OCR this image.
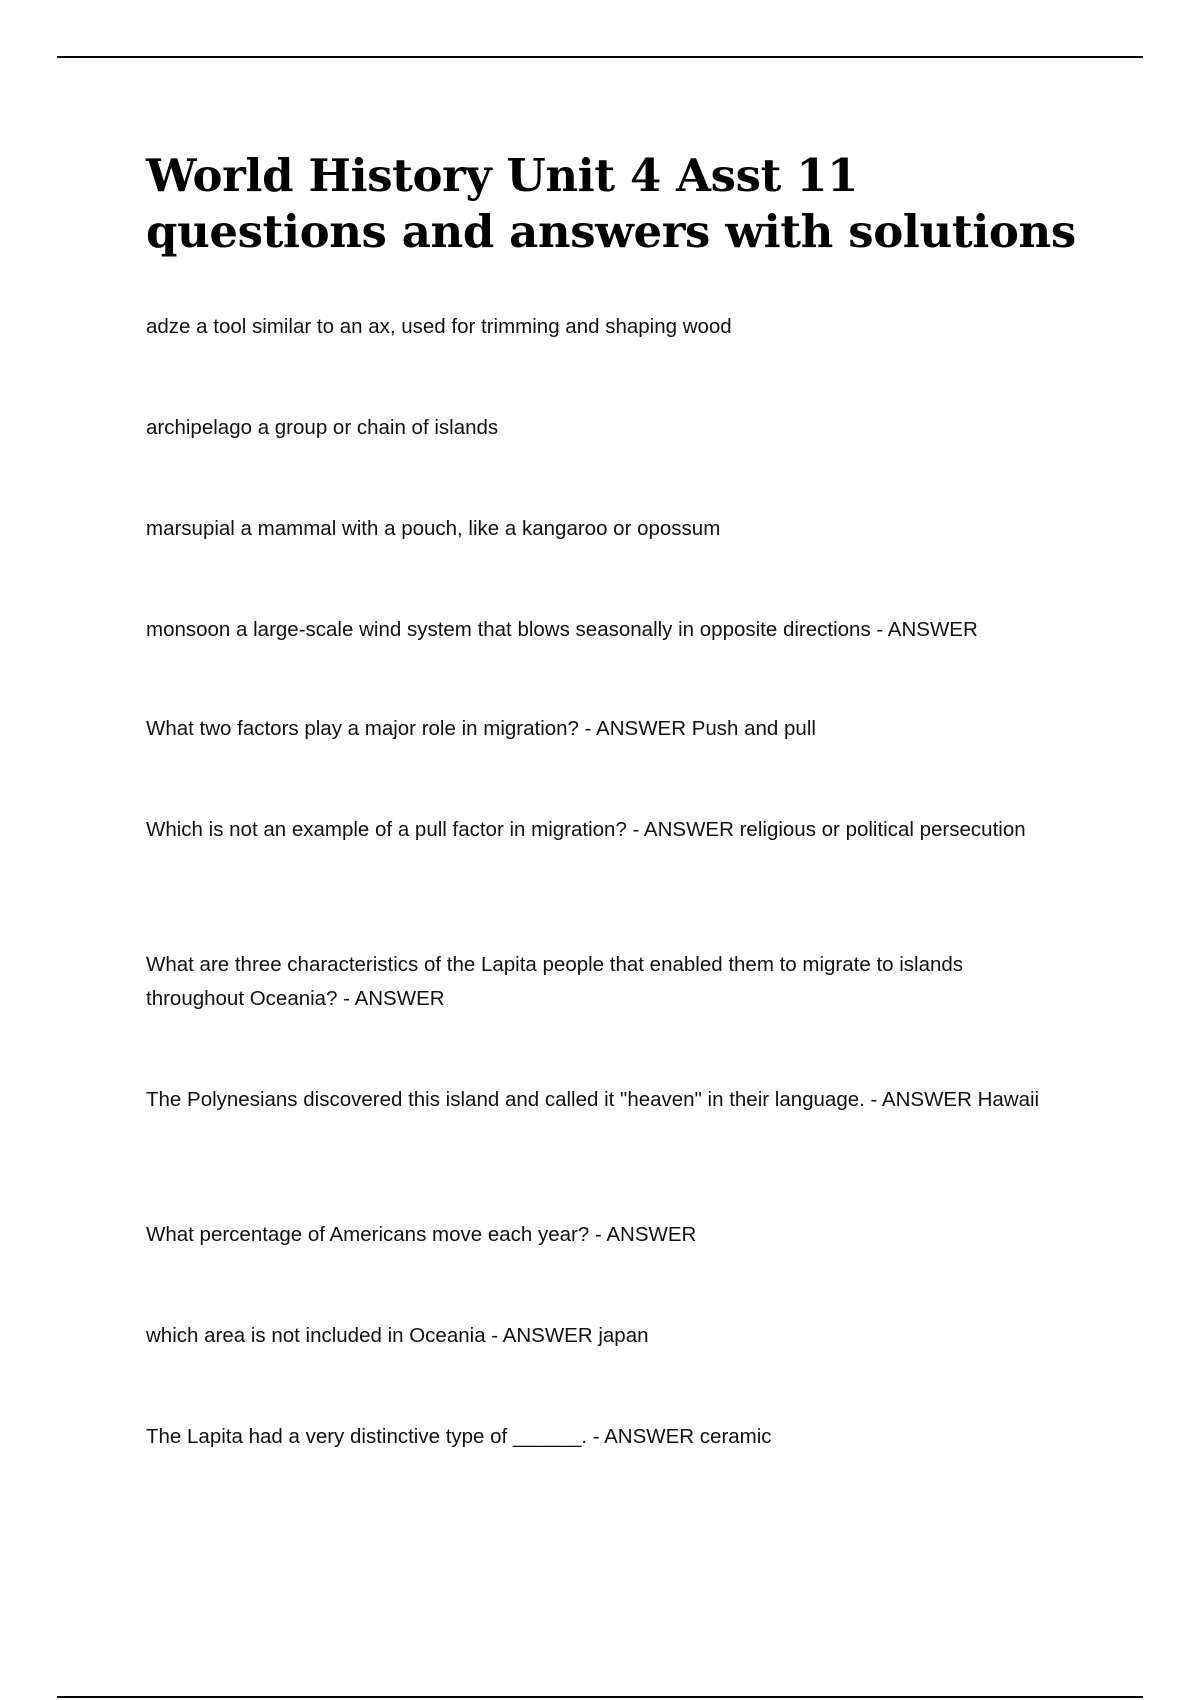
World History Unit 4 Asst 11 questions and answers with solutions

adze a tool similar to an ax, used for trimming and shaping wood

archipelago a group or chain of islands

marsupial a mammal with a pouch, like a kangaroo or opossum

monsoon a large-scale wind system that blows seasonally in opposite directions - ANSWER

What two factors play a major role in migration? - ANSWER Push and pull

Which is not an example of a pull factor in migration? - ANSWER religious or political persecution

What are three characteristics of the Lapita people that enabled them to migrate to islands throughout Oceania? - ANSWER

The Polynesians discovered this island and called it "heaven" in their language. - ANSWER Hawaii

What percentage of Americans move each year? - ANSWER

which area is not included in Oceania - ANSWER japan

The Lapita had a very distinctive type of ______. - ANSWER ceramic
